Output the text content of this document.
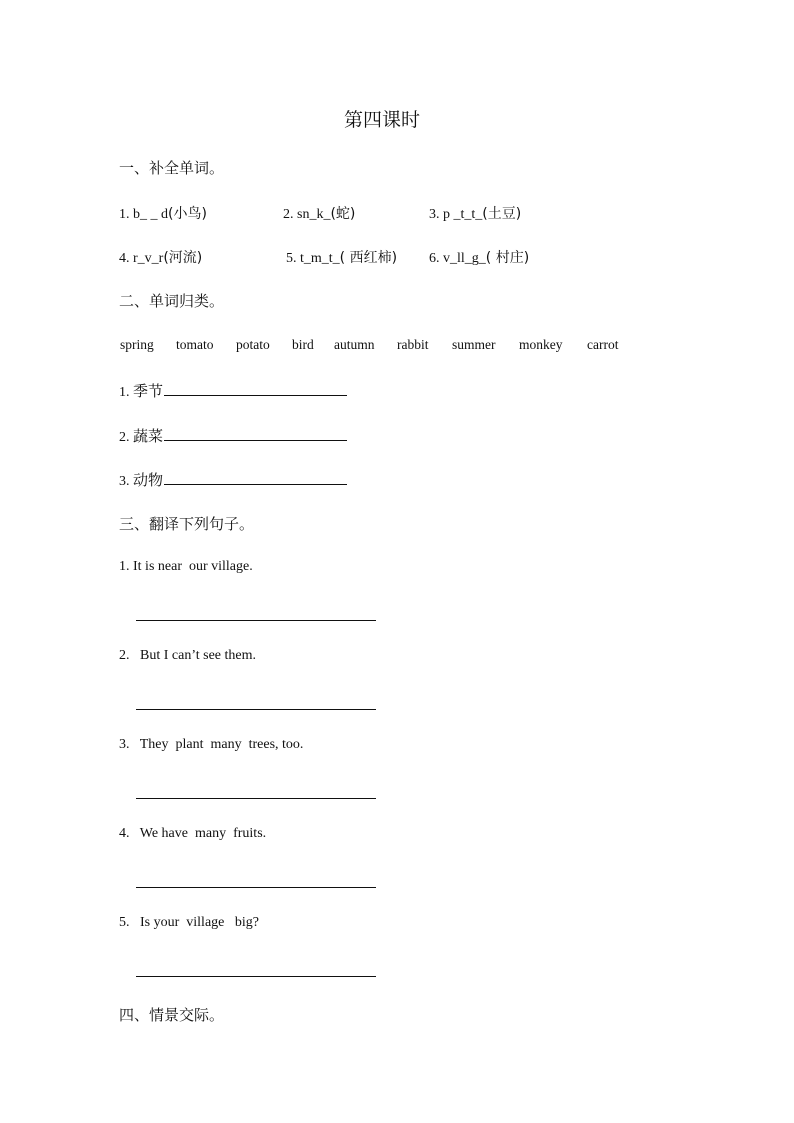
第四课时
一、补全单词。
1. b_ _ d(小鸟)	2. sn_k_(蛇)	3. p _t_t_(土豆)
4. r_v_r(河流)	5. t_m_t_( 西红柿) 6. v_ll_g_( 村庄)
二、单词归类。
spring tomato potato bird autumn rabbit summer monkey carrot
1. 季节
2. 蔬菜
3. 动物
三、翻译下列句子。
1. It is near  our village.
2.   But I can’t see them.
3.   They  plant  many  trees, too.
4.   We have  many  fruits.
5.   Is your  village   big?
四、情景交际。
